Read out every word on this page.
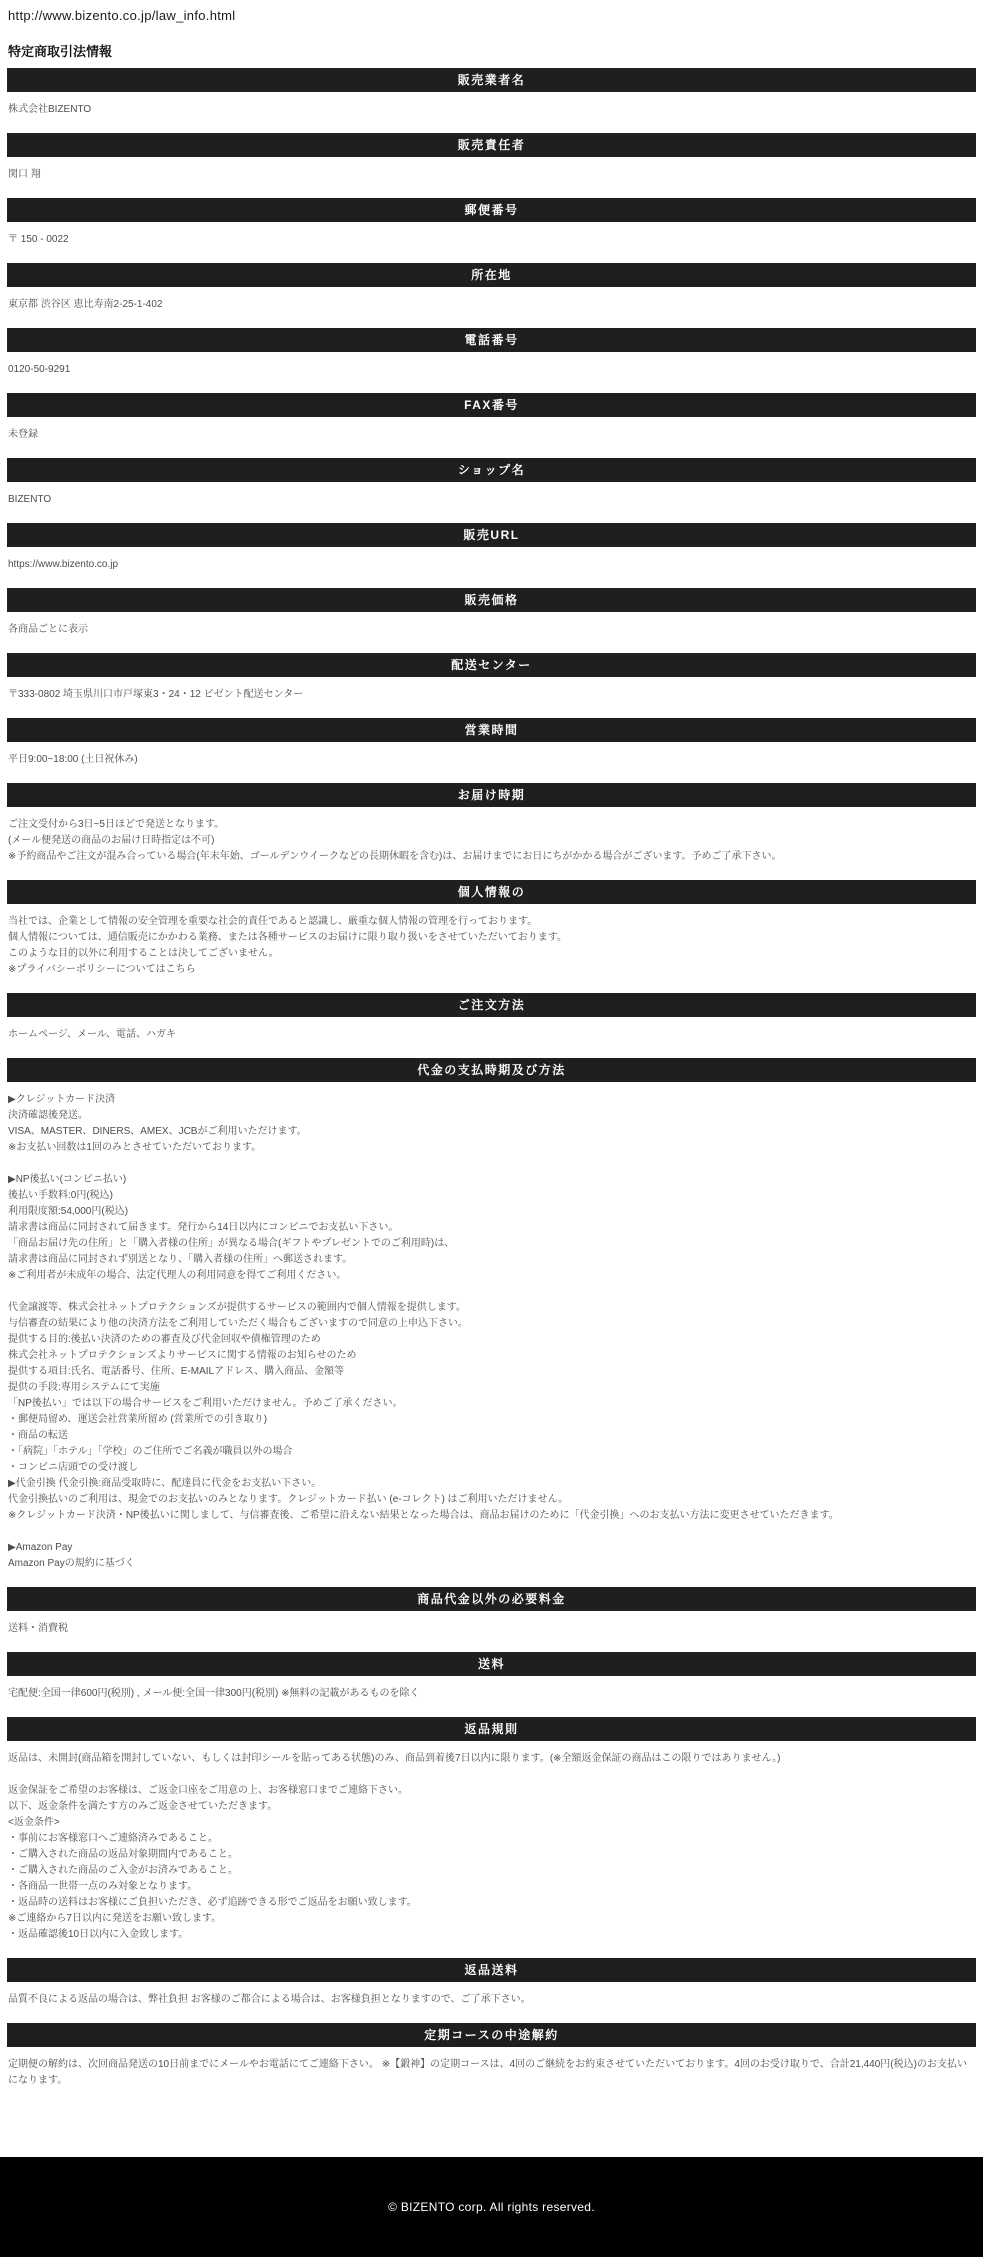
http://www.bizento.co.jp/law_info.html
特定商取引法情報
販売業者名

株式会社BIZENTO

販売責任者

関口 翔

郵便番号

〒 150 - 0022

所在地

東京都 渋谷区 恵比寿南2-25-1-402

電話番号

0120-50-9291

FAX番号

未登録

ショップ名

BIZENTO

販売URL

https://www.bizento.co.jp

販売価格

各商品ごとに表示

配送センター

〒333-0802 埼玉県川口市戸塚東3・24・12 ビゼント配送センター

営業時間

平日9:00~18:00 (土日祝休み)

お届け時期

ご注文受付から3日~5日ほどで発送となります。

(メール便発送の商品のお届け日時指定は不可)

※予約商品やご注文が混み合っている場合(年末年始、ゴールデンウイークなどの長期休暇を含む)は、お届けまでにお日にちがかかる場合がございます。予めご了承下さい。

個人情報の

当社では、企業として情報の安全管理を重要な社会的責任であると認識し、厳重な個人情報の管理を行っております。

個人情報については、通信販売にかかわる業務、または各種サービスのお届けに限り取り扱いをさせていただいております。

このような目的以外に利用することは決してございません。

※プライバシーポリシーについてはこちら

ご注文方法

ホームページ、メール、電話、ハガキ

代金の支払時期及び方法

▶クレジットカード決済

決済確認後発送。

VISA、MASTER、DINERS、AMEX、JCBがご利用いただけます。

※お支払い回数は1回のみとさせていただいております。

▶NP後払い(コンビニ払い)

後払い手数料:0円(税込)

利用限度額:54,000円(税込)

請求書は商品に同封されて届きます。発行から14日以内にコンビニでお支払い下さい。

「商品お届け先の住所」と「購入者様の住所」が異なる場合(ギフトやプレゼントでのご利用時)は、

請求書は商品に同封されず別送となり、「購入者様の住所」へ郵送されます。

※ご利用者が未成年の場合、法定代理人の利用同意を得てご利用ください。

代金譲渡等、株式会社ネットプロテクションズが提供するサービスの範囲内で個人情報を提供します。

与信審査の結果により他の決済方法をご利用していただく場合もございますので同意の上申込下さい。

提供する目的:後払い決済のための審査及び代金回収や債権管理のため

株式会社ネットプロテクションズよりサービスに関する情報のお知らせのため

提供する項目:氏名、電話番号、住所、E-MAILアドレス、購入商品、金額等

提供の手段:専用システムにて実施

「NP後払い」では以下の場合サービスをご利用いただけません。予めご了承ください。

・郵便局留め、運送会社営業所留め (営業所での引き取り)

・商品の転送

・「病院」「ホテル」「学校」のご住所でご名義が職員以外の場合

・コンビニ店頭での受け渡し

▶代金引換 代金引換:商品受取時に、配達員に代金をお支払い下さい。

代金引換払いのご利用は、現金でのお支払いのみとなります。クレジットカード払い (e-コレクト) はご利用いただけません。

※クレジットカード決済・NP後払いに関しまして、与信審査後、ご希望に沿えない結果となった場合は、商品お届けのために「代金引換」へのお支払い方法に変更させていただきます。

▶Amazon Pay

Amazon Payの規約に基づく

商品代金以外の必要料金

送料・消費税

送料

宅配便:全国一律600円(税別) , メール便:全国一律300円(税別) ※無料の記載があるものを除く

返品規則

返品は、未開封(商品箱を開封していない、もしくは封印シールを貼ってある状態)のみ、商品到着後7日以内に限ります。(※全額返金保証の商品はこの限りではありません。)

返金保証をご希望のお客様は、ご返金口座をご用意の上、お客様窓口までご連絡下さい。

以下、返金条件を満たす方のみご返金させていただきます。

<返金条件>

・事前にお客様窓口へご連絡済みであること。

・ご購入された商品の返品対象期間内であること。

・ご購入された商品のご入金がお済みであること。

・各商品一世帯一点のみ対象となります。

・返品時の送料はお客様にご負担いただき、必ず追跡できる形でご返品をお願い致します。

※ご連絡から7日以内に発送をお願い致します。

・返品確認後10日以内に入金致します。

返品送料

品質不良による返品の場合は、弊社負担 お客様のご都合による場合は、お客様負担となりますので、ご了承下さい。

定期コースの中途解約

定期便の解約は、次回商品発送の10日前までにメールやお電話にてご連絡下さい。 ※【鍛神】の定期コースは、4回のご継続をお約束させていただいております。4回のお受け取りで、合計21,440円(税込)のお支払いになります。

© BIZENTO corp. All rights reserved.
